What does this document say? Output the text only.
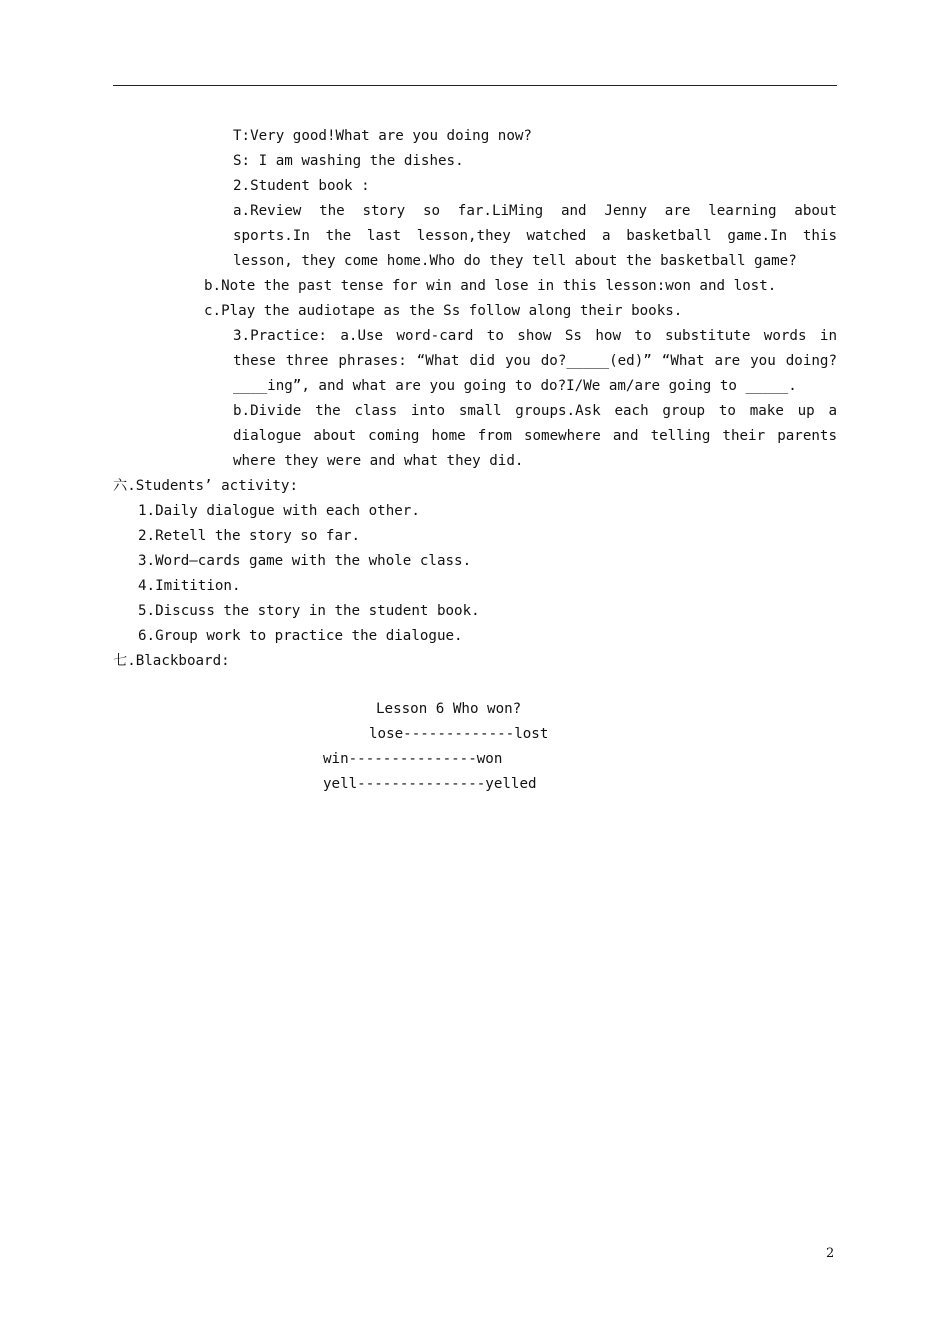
T:Very good!What are you doing now?
S: I am washing the dishes.
2.Student book :
a.Review the story so far.LiMing and Jenny are learning about sports.In the last lesson,they watched a basketball game.In this lesson, they come home.Who do they tell about the basketball game?
b.Note the past tense for win and lose in this lesson:won and lost.
c.Play the audiotape as the Ss follow along their books.
3.Practice: a.Use word-card to show Ss how to substitute words in these three phrases: “What did you do?_____(ed)” “What are you doing?____ing”, and what are you going to do?I/We am/are going to _____.
b.Divide the class into small groups.Ask each group to make up a dialogue about coming home from somewhere and telling their parents where they were and what they did.
六.Students’ activity:
1.Daily dialogue with each other.
2.Retell the story so far.
3.Word—cards game with the whole class.
4.Imitition.
5.Discuss the story in the student book.
6.Group work to practice the dialogue.
七.Blackboard:
Lesson 6 Who won?
lose-------------lost
win---------------won
yell---------------yelled
2
